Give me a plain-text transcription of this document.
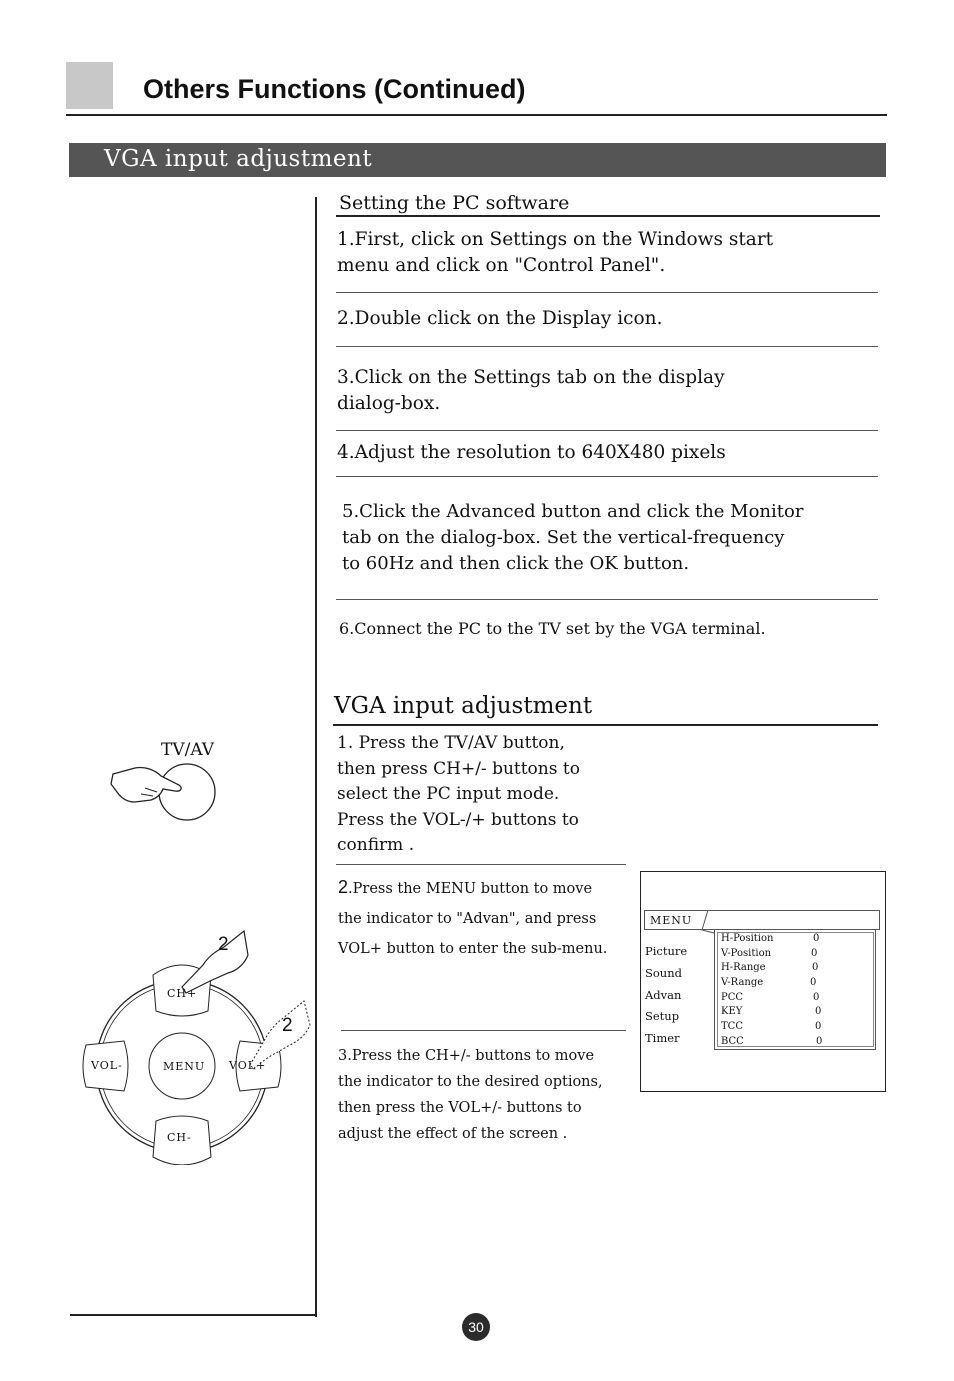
Others Functions (Continued)
VGA input adjustment
Setting the PC software
1.First, click on Settings on the Windows start
menu and click on "Control Panel".
2.Double click on the Display icon.
3.Click on the Settings tab on the display
dialog-box.
4.Adjust the resolution to 640X480 pixels
5.Click the Advanced button and click the Monitor
tab on the dialog-box. Set the vertical-frequency
to 60Hz and then click the OK button.
6.Connect the PC to the TV set by the VGA terminal.
VGA input adjustment
1. Press the TV/AV button,
then press CH+/- buttons to
select the PC input mode.
Press the VOL-/+ buttons to
confirm .
2.Press the MENU button to move
the indicator to "Advan", and press
VOL+ button to enter the sub-menu.
3.Press the CH+/- buttons to move
the indicator to the desired options,
then press the VOL+/- buttons to
adjust the effect of the screen .
MENU
Picture
Sound
Advan
Setup
Timer
H-Position	0
V-Position	0
H-Range	0
V-Range	0
PCC	0
KEY	0
TCC	0
BCC	0
TV/AV
CH+
CH-
VOL-	VOL+
MENU
2
2
30
